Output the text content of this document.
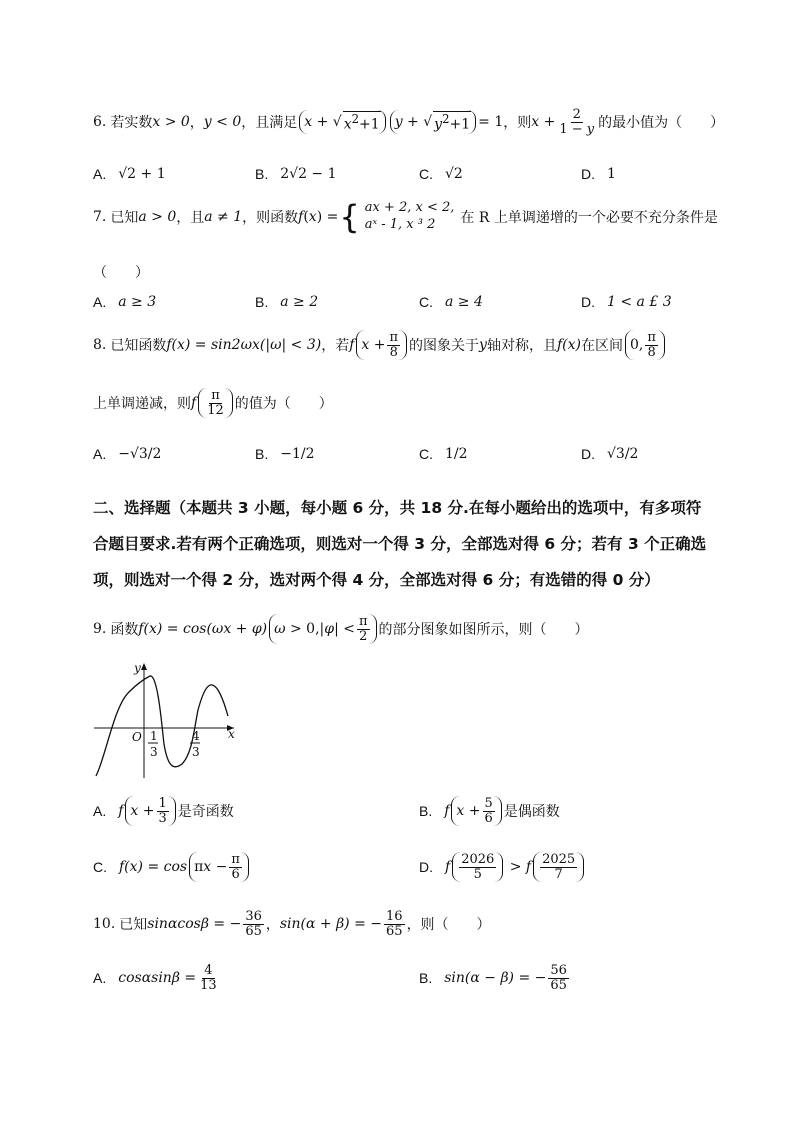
6. 若实数 x > 0 ， y < 0 ，且满足 x + √ $x^2+1$ y + √ $y^2+1 = 1$ ，则 x + 2
1 − y 的最小值为（　　）
A. √2 + 1	B. 2√2 − 1	C. √2	D. 1
7. 已知 a > 0 ，且 a ≠ 1 ，则函数 f ( x ) = { ax + 2, x < 2,
aˣ - 1, x ³ 2	在 R 上单调递增的一个必要不充分条件是
（　　）
A. a ≥ 3	B. a ≥ 2	C. a ≥ 4	D. 1 < a £ 3
8. 已知函数 f(x) = sin2ωx(|ω| < 3) ，若 f x + π
8 的图象关于 y 轴对称，且 f(x) 在区间 0, π
8
上单调递减，则 f π
12 的值为（　　）
A. −√3/2	B. −1/2	C. 1/2	D. √3/2
二、选择题（本题共 3 小题，每小题 6 分，共 18 分.在每小题给出的选项中，有多项符合题目要求.若有两个正确选项，则选对一个得 3 分，全部选对得 6 分；若有 3 个正确选项，则选对一个得 2 分，选对两个得 4 分，全部选对得 6 分；有选错的得 0 分）
9. 函数 f(x) = cos(ωx + φ) ω > 0,| φ | < π
2 的部分图象如图所示，则（　　）
y
x
O 1
3
4
3
A. f x + 1
3 是奇函数	B. f x + 5
6 是偶函数
C. f(x) = cos π x − π
6	D. f 2026
5 > f 2025
7
10. 已知 sinαcosβ = − $\frac{36}{65}$ ， sin(α + β) = − $\frac{16}{65}$ ，则（　　）
A. $\cos\alpha\sin\beta = \frac{4}{13}$	B. sin(α − β) = − $\frac{56}{65}$
